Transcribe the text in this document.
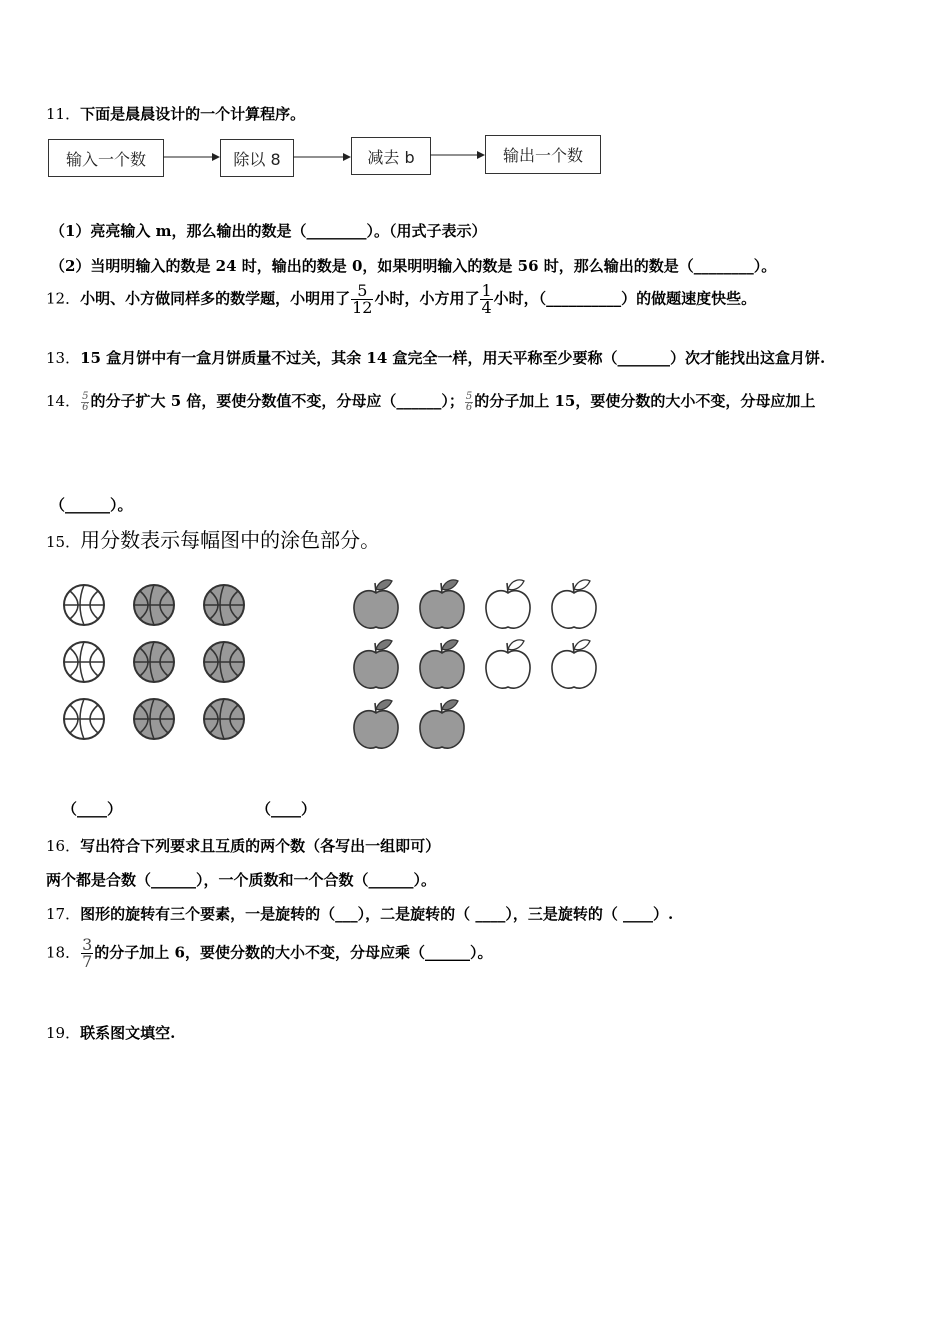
11．下面是晨晨设计的一个计算程序。
输入一个数	除以 8	减去 b	输出一个数
（1）亮亮输入 m，那么输出的数是（________）。（用式子表示）
（2）当明明输入的数是 24 时，输出的数是 0，如果明明输入的数是 56 时，那么输出的数是（________）。
12．小明、小方做同样多的数学题，小明用了 $\frac{5}{12}$ 小时，小方用了 $\frac{1}{4}$ 小时，（__________）的做题速度快些。
13．15 盒月饼中有一盒月饼质量不过关，其余 14 盒完全一样，用天平称至少要称（_______）次才能找出这盒月饼.
14． $\frac{5}{6}$ 的分子扩大 5 倍，要使分数值不变，分母应（______）； $\frac{5}{6}$ 的分子加上 15，要使分数的大小不变，分母应加上
（______）。
15．用分数表示每幅图中的涂色部分。
（____）	（____）
16．写出符合下列要求且互质的两个数（各写出一组即可）
两个都是合数（______），一个质数和一个合数（______）。
17．图形的旋转有三个要素，一是旋转的（___），二是旋转的（ ____），三是旋转的（ ____）.
18． $\frac{3}{7}$ 的分子加上 6，要使分数的大小不变，分母应乘（______）。
19．联系图文填空.
